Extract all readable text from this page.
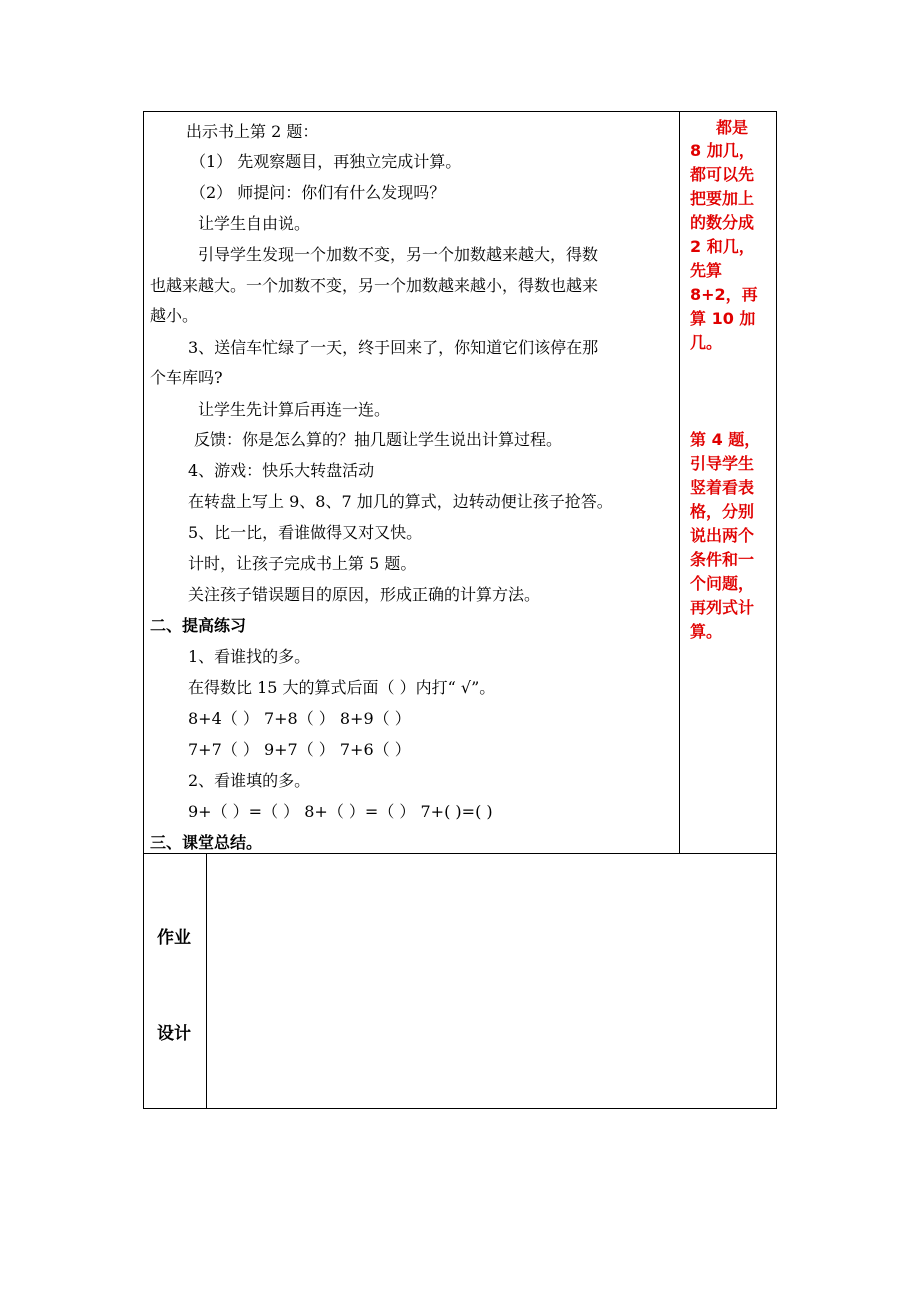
出示书上第 2 题：
（1） 先观察题目，再独立完成计算。
（2） 师提问：你们有什么发现吗？
让学生自由说。
引导学生发现一个加数不变，另一个加数越来越大，得数
也越来越大。一个加数不变，另一个加数越来越小，得数也越来
越小。
3、送信车忙绿了一天，终于回来了，你知道它们该停在那
个车库吗?
让学生先计算后再连一连。
反馈：你是怎么算的？抽几题让学生说出计算过程。
4、游戏：快乐大转盘活动
在转盘上写上 9、8、7 加几的算式，边转动便让孩子抢答。
5、比一比，看谁做得又对又快。
计时，让孩子完成书上第 5 题。
关注孩子错误题目的原因，形成正确的计算方法。
二、提高练习
1、看谁找的多。
在得数比 15 大的算式后面（ ）内打“ √”。
8+4（ ） 7+8（ ） 8+9（ ）
7+7（ ） 9+7（ ） 7+6（ ）
2、看谁填的多。
9+（ ）=（ ） 8+（ ）=（ ） 7+( )=( )
三、课堂总结。
都是
8 加几，
都可以先
把要加上
的数分成
2 和几，
先算
8+2，再
算 10 加
几。
第 4 题，
引导学生
竖着看表
格，分别
说出两个
条件和一
个问题，
再列式计
算。
作业
设计
